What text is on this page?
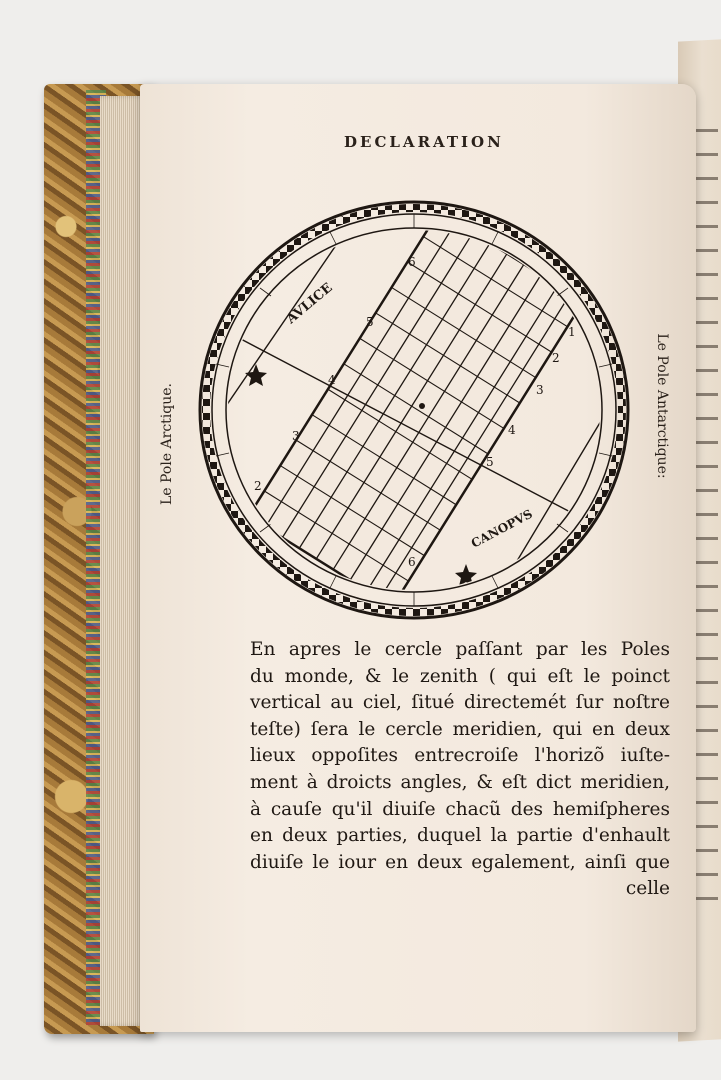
DECLARATION
Le Pole Arctique.	Le Pole Antarctique:
AVLICE
CANOPVS
6
5
4
3
2
1
2
3
4
5
6
En apres le cercle paſſant par les Poles
du monde, & le zenith ( qui eſt le poinct
vertical au ciel, ſitué directemét ſur noſtre
teſte) ſera le cercle meridien, qui en deux
lieux oppoſites entrecroiſe l'horizõ iuſte-
ment à droicts angles, & eſt dict meridien,
à cauſe qu'il diuiſe chacũ des hemiſpheres
en deux parties, duquel la partie d'enhault
diuiſe le iour en deux egalement, ainſi que
celle
